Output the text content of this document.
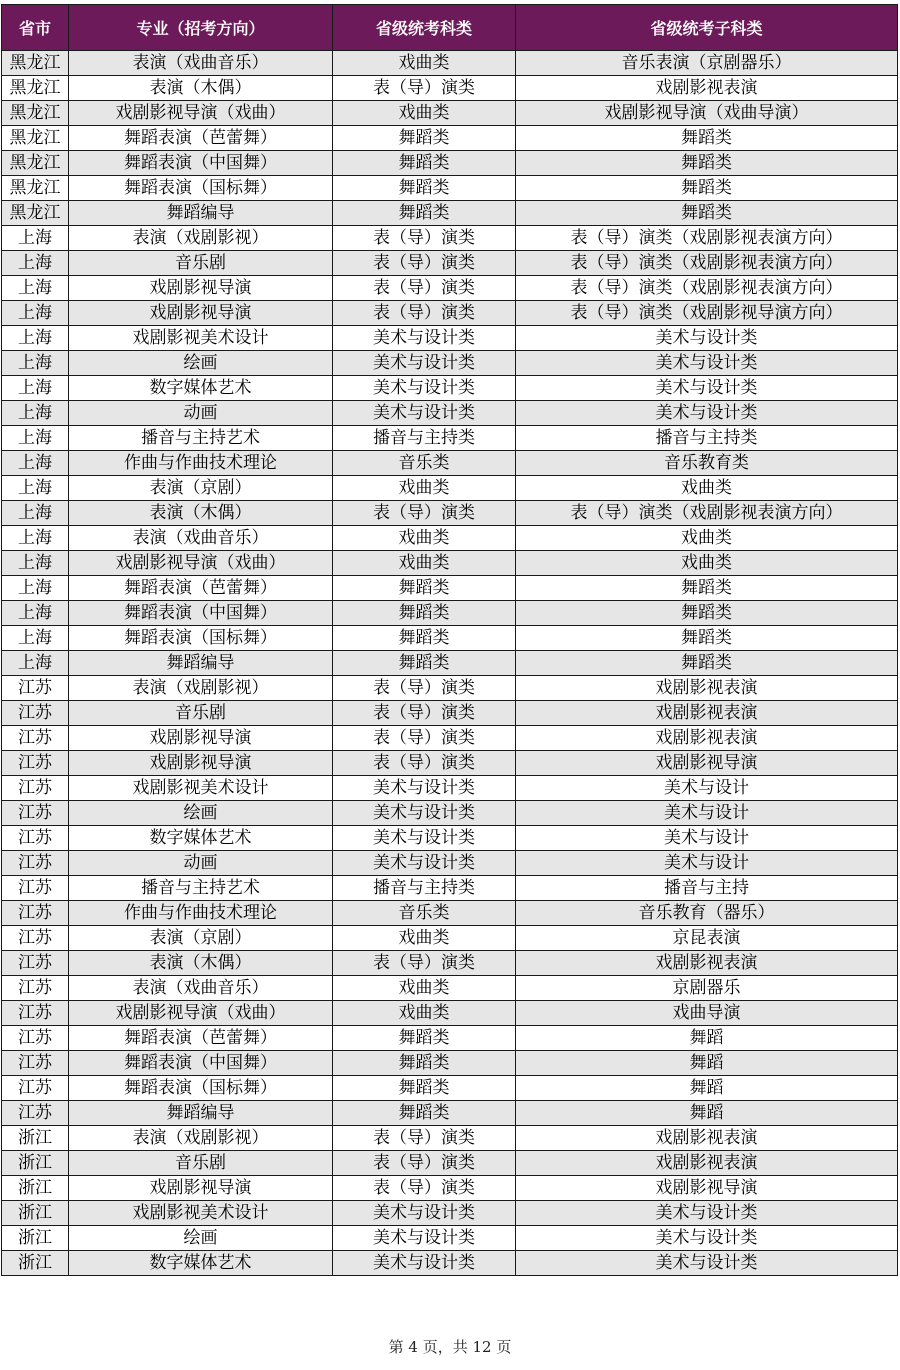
省市	专业（招考方向）	省级统考科类	省级统考子科类
黑龙江	表演（戏曲音乐）	戏曲类	音乐表演（京剧器乐）
黑龙江	表演（木偶）	表（导）演类	戏剧影视表演
黑龙江	戏剧影视导演（戏曲）	戏曲类	戏剧影视导演（戏曲导演）
黑龙江	舞蹈表演（芭蕾舞）	舞蹈类	舞蹈类
黑龙江	舞蹈表演（中国舞）	舞蹈类	舞蹈类
黑龙江	舞蹈表演（国标舞）	舞蹈类	舞蹈类
黑龙江	舞蹈编导	舞蹈类	舞蹈类
上海	表演（戏剧影视）	表（导）演类	表（导）演类（戏剧影视表演方向）
上海	音乐剧	表（导）演类	表（导）演类（戏剧影视表演方向）
上海	戏剧影视导演	表（导）演类	表（导）演类（戏剧影视表演方向）
上海	戏剧影视导演	表（导）演类	表（导）演类（戏剧影视导演方向）
上海	戏剧影视美术设计	美术与设计类	美术与设计类
上海	绘画	美术与设计类	美术与设计类
上海	数字媒体艺术	美术与设计类	美术与设计类
上海	动画	美术与设计类	美术与设计类
上海	播音与主持艺术	播音与主持类	播音与主持类
上海	作曲与作曲技术理论	音乐类	音乐教育类
上海	表演（京剧）	戏曲类	戏曲类
上海	表演（木偶）	表（导）演类	表（导）演类（戏剧影视表演方向）
上海	表演（戏曲音乐）	戏曲类	戏曲类
上海	戏剧影视导演（戏曲）	戏曲类	戏曲类
上海	舞蹈表演（芭蕾舞）	舞蹈类	舞蹈类
上海	舞蹈表演（中国舞）	舞蹈类	舞蹈类
上海	舞蹈表演（国标舞）	舞蹈类	舞蹈类
上海	舞蹈编导	舞蹈类	舞蹈类
江苏	表演（戏剧影视）	表（导）演类	戏剧影视表演
江苏	音乐剧	表（导）演类	戏剧影视表演
江苏	戏剧影视导演	表（导）演类	戏剧影视表演
江苏	戏剧影视导演	表（导）演类	戏剧影视导演
江苏	戏剧影视美术设计	美术与设计类	美术与设计
江苏	绘画	美术与设计类	美术与设计
江苏	数字媒体艺术	美术与设计类	美术与设计
江苏	动画	美术与设计类	美术与设计
江苏	播音与主持艺术	播音与主持类	播音与主持
江苏	作曲与作曲技术理论	音乐类	音乐教育（器乐）
江苏	表演（京剧）	戏曲类	京昆表演
江苏	表演（木偶）	表（导）演类	戏剧影视表演
江苏	表演（戏曲音乐）	戏曲类	京剧器乐
江苏	戏剧影视导演（戏曲）	戏曲类	戏曲导演
江苏	舞蹈表演（芭蕾舞）	舞蹈类	舞蹈
江苏	舞蹈表演（中国舞）	舞蹈类	舞蹈
江苏	舞蹈表演（国标舞）	舞蹈类	舞蹈
江苏	舞蹈编导	舞蹈类	舞蹈
浙江	表演（戏剧影视）	表（导）演类	戏剧影视表演
浙江	音乐剧	表（导）演类	戏剧影视表演
浙江	戏剧影视导演	表（导）演类	戏剧影视导演
浙江	戏剧影视美术设计	美术与设计类	美术与设计类
浙江	绘画	美术与设计类	美术与设计类
浙江	数字媒体艺术	美术与设计类	美术与设计类
第 4 页，共 12 页
